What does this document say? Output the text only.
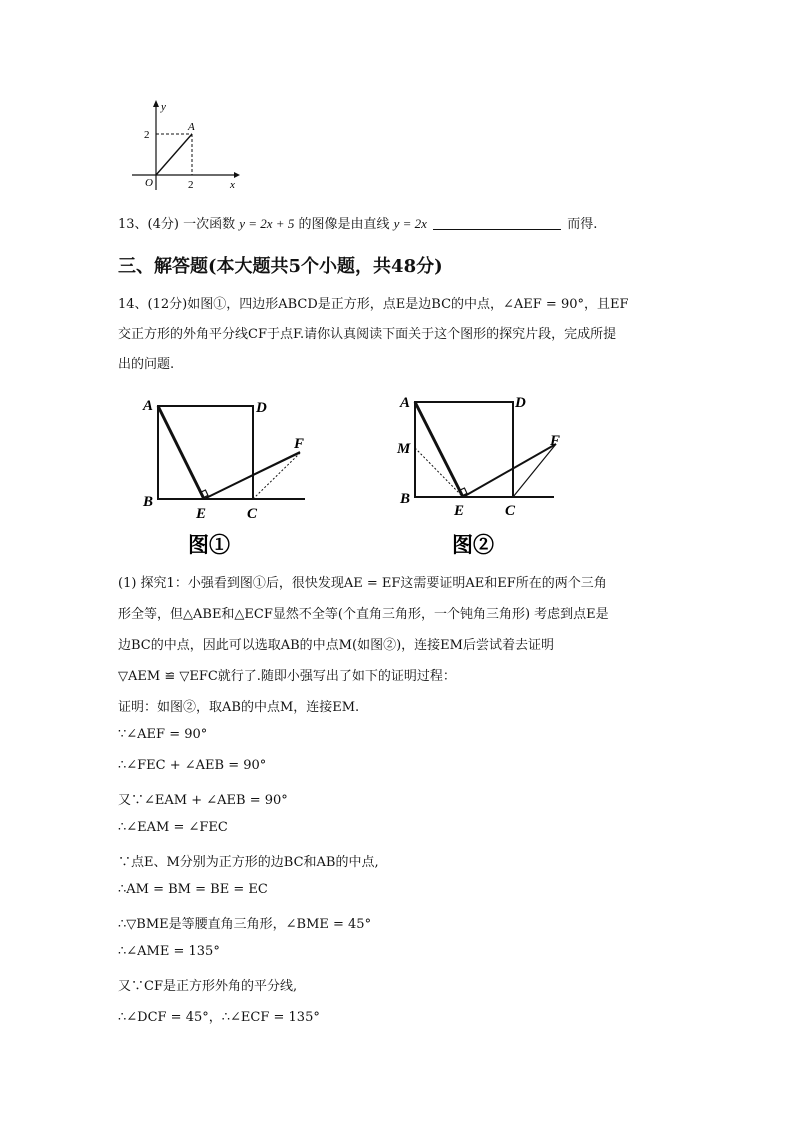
y
x
O
A
2
2
13、(4分) 一次函数 y = 2x + 5 的图像是由直线 y = 2x	而得.
三、解答题(本大题共5个小题，共48分)
14、(12分)如图①，四边形ABCD是正方形，点E是边BC的中点，∠AEF = 90°，且EF
交正方形的外角平分线CF于点F.请你认真阅读下面关于这个图形的探究片段，完成所提
出的问题.
A	D
B
E	C
F
图①
A	D
M
B
E	C
F
图②
(1) 探究1：小强看到图①后，很快发现AE = EF这需要证明AE和EF所在的两个三角
形全等，但△ABE和△ECF显然不全等(个直角三角形，一个钝角三角形) 考虑到点E是
边BC的中点，因此可以选取AB的中点M(如图②)，连接EM后尝试着去证明
▽AEM ≌ ▽EFC就行了.随即小强写出了如下的证明过程：
证明：如图②，取AB的中点M，连接EM.
∵∠AEF = 90°
∴∠FEC + ∠AEB = 90°
又∵∠EAM + ∠AEB = 90°
∴∠EAM = ∠FEC
∵点E、M分别为正方形的边BC和AB的中点,
∴AM = BM = BE = EC
∴▽BME是等腰直角三角形，∠BME = 45°
∴∠AME = 135°
又∵CF是正方形外角的平分线,
∴∠DCF = 45°，∴∠ECF = 135°
